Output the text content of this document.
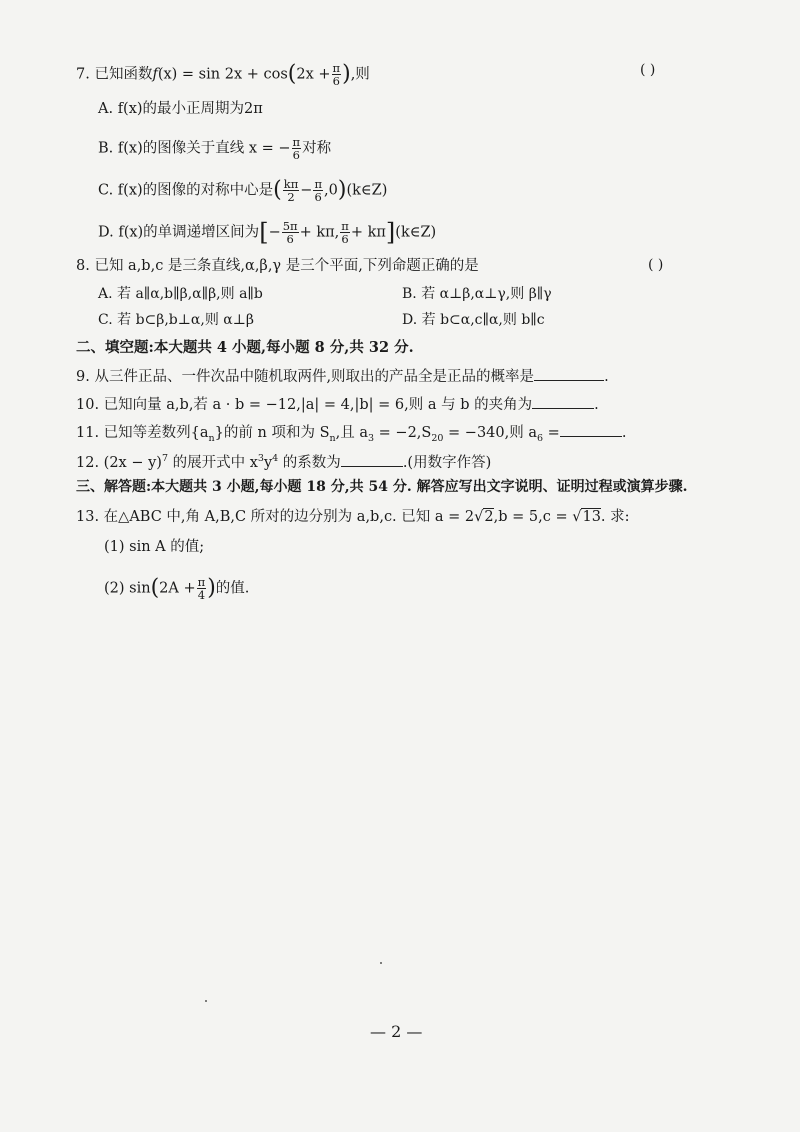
7. 已知函数$f(x) = \sin 2x + \cos(2x + \frac{\pi}{6}$ ),则	( )
A. f(x)的最小正周期为2π
B. f(x)的图像关于直线 x = − $\frac{\pi}{6}$ 对称
C. f(x)的图像的对称中心是( $\frac{k\pi}{2} - \frac{\pi}{6}$ ,0)(k∈Z)
D. f(x)的单调递增区间为[− $\frac{5\pi}{6} + k\pi$, $\frac{\pi}{6}$ + kπ](k∈Z)
8. 已知 a,b,c 是三条直线,α,β,γ 是三个平面,下列命题正确的是	( )
A. 若 a∥α,b∥β,α∥β,则 a∥b	B. 若 α⊥β,α⊥γ,则 β∥γ
C. 若 b⊂β,b⊥α,则 α⊥β	D. 若 b⊂α,c∥α,则 b∥c
二、填空题:本大题共 4 小题,每小题 8 分,共 32 分.
9. 从三件正品、一件次品中随机取两件,则取出的产品全是正品的概率是	.
10. 已知向量 a,b,若 a · b = −12,|a| = 4,|b| = 6,则 a 与 b 的夹角为	.
11. 已知等差数列$\{a_n\}$的前 n 项和为 $S_n$,且 $a_3 = -2,S_{20} = -340$,则 $a_6$ =	.
12. $(2x - y)^7$ 的展开式中 $x^3y^4$ 的系数为	.(用数字作答)
三、解答题:本大题共 3 小题,每小题 18 分,共 54 分. 解答应写出文字说明、证明过程或演算步骤.
13. 在△ABC 中,角 A,B,C 所对的边分别为 a,b,c. 已知 a = 2√2,b = 5,c = √13. 求:
(1) sin A 的值;
(2) $\sin(2A + \frac{\pi}{4}$ )的值.
— 2 —
